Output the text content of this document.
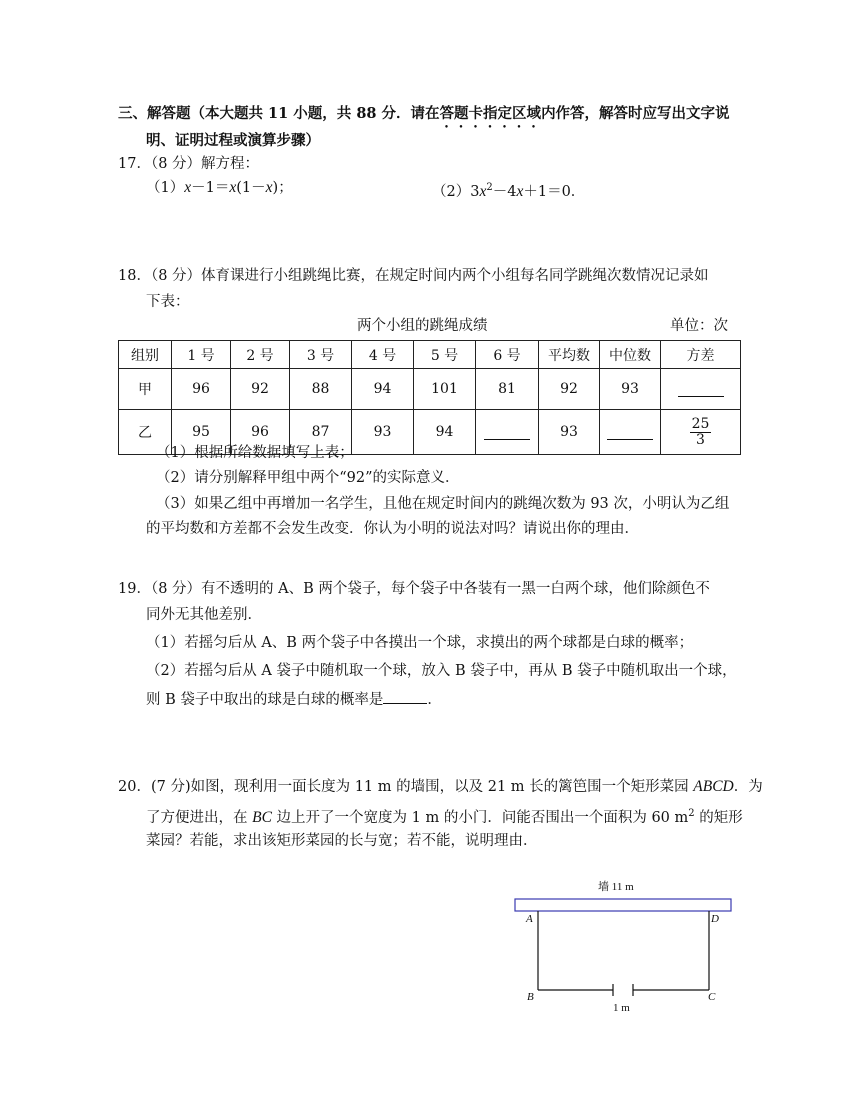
三、解答题（本大题共 11 小题，共 88 分．请在答题卡指定区域内作答，解答时应写出文字说
明、证明过程或演算步骤）
17．（8 分）解方程：
（1）x－1＝x(1－x)；	$(2)3x^2-4x+1=0$．
18．（8 分）体育课进行小组跳绳比赛，在规定时间内两个小组每名同学跳绳次数情况记录如
下表：
两个小组的跳绳成绩	单位：次
组别	1 号	2 号	3 号	4 号	5 号	6 号	平均数	中位数	方差
甲	96	92	88	94	101	81	92	93	
乙	95	96	87	93	94		93		$\frac{25}{3}$
（1）根据所给数据填写上表；
（2）请分别解释甲组中两个“92”的实际意义．
（3）如果乙组中再增加一名学生，且他在规定时间内的跳绳次数为 93 次，小明认为乙组
的平均数和方差都不会发生改变．你认为小明的说法对吗？请说出你的理由．
19．（8 分）有不透明的 A、B 两个袋子，每个袋子中各装有一黑一白两个球，他们除颜色不
同外无其他差别．
（1）若摇匀后从 A、B 两个袋子中各摸出一个球，求摸出的两个球都是白球的概率；
（2）若摇匀后从 A 袋子中随机取一个球，放入 B 袋子中，再从 B 袋子中随机取出一个球，
则 B 袋子中取出的球是白球的概率是	．
20．(7 分)如图，现利用一面长度为 11 m 的墙围，以及 21 m 长的篱笆围一个矩形菜园 ABCD．为
了方便进出，在 BC 边上开了一个宽度为 1 m 的小门．问能否围出一个面积为 60 $m^2$ 的矩形
菜园？若能，求出该矩形菜园的长与宽；若不能，说明理由．
墙 11 m
A	D
B	C
1 m
